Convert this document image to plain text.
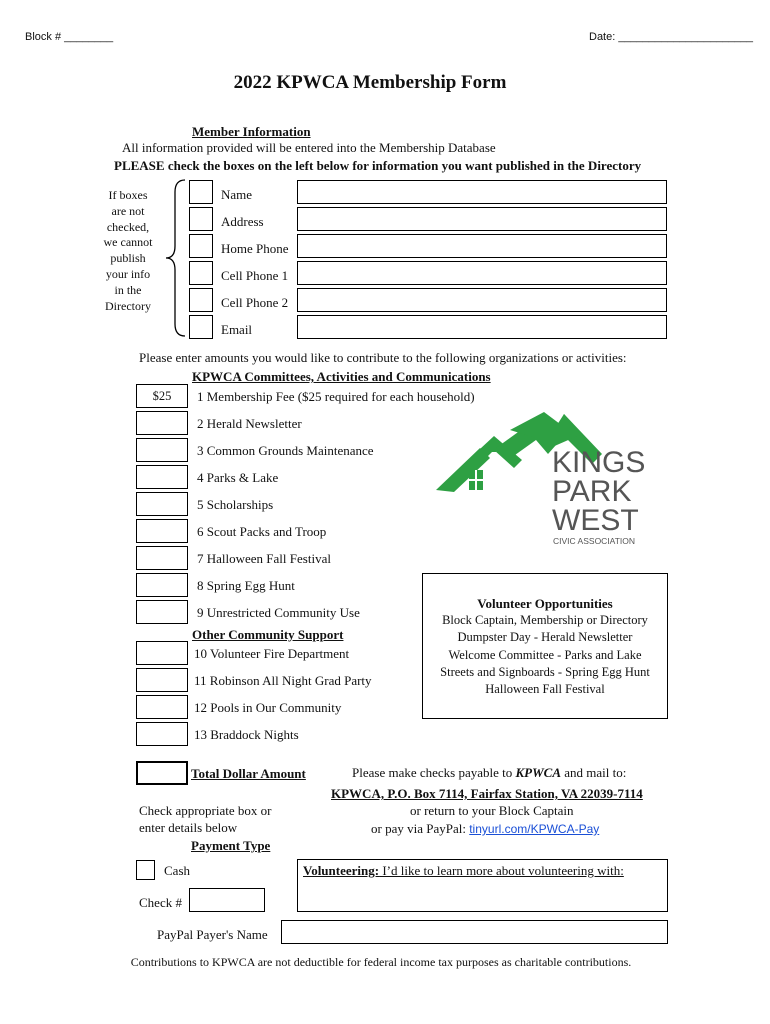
Block # ________	Date: ______________________
2022 KPWCA Membership Form
Member Information
All information provided will be entered into the Membership Database
PLEASE check the boxes on the left below for information you want published in the Directory
If boxes are not checked, we cannot publish your info in the Directory
Name
Address
Home Phone
Cell Phone 1
Cell Phone 2
Email
Please enter amounts you would like to contribute to the following organizations or activities:
KPWCA Committees, Activities and Communications
$25	1 Membership Fee ($25 required for each household)
2 Herald Newsletter
3 Common Grounds Maintenance
4 Parks & Lake
5 Scholarships
6 Scout Packs and Troop
7 Halloween Fall Festival
8 Spring Egg Hunt
9 Unrestricted Community Use
Other Community Support
10 Volunteer Fire Department
11 Robinson All Night Grad Party
12 Pools in Our Community
13 Braddock Nights
Total Dollar Amount
KINGS
PARK
WEST
CIVIC ASSOCIATION
Volunteer Opportunities
Block Captain, Membership or Directory
Dumpster Day - Herald Newsletter
Welcome Committee - Parks and Lake
Streets and Signboards - Spring Egg Hunt
Halloween Fall Festival
Please make checks payable to KPWCA and mail to:
KPWCA, P.O. Box 7114, Fairfax Station, VA 22039-7114
or return to your Block Captain
or pay via PayPal: tinyurl.com/KPWCA-Pay
Check appropriate box or
enter details below
Payment Type
Cash
Check #
PayPal Payer's Name
Volunteering: I’d like to learn more about volunteering with:
Contributions to KPWCA are not deductible for federal income tax purposes as charitable contributions.
